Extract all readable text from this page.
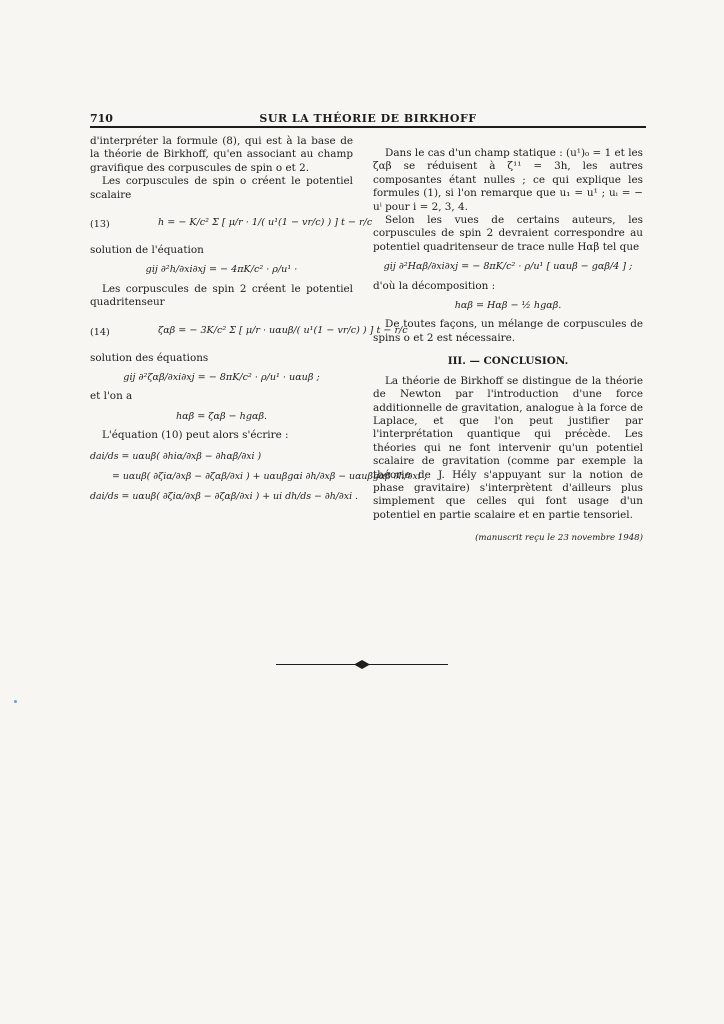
710	SUR LA THÉORIE DE BIRKHOFF

d'interpréter la formule (8), qui est à la base de la théorie de Birkhoff, qu'en associant au champ gravifique des corpuscules de spin o et 2.

Les corpuscules de spin o créent le potentiel scalaire

(13)	h = − K/c² Σ [ μ/r · 1/( u¹(1 − vr/c) ) ] t − r/c

solution de l'équation

gij ∂²h/∂xi∂xj = − 4πK/c² · ρ/u¹ ·

Les corpuscules de spin 2 créent le potentiel quadritenseur

(14)	ζαβ = − 3K/c² Σ [ μ/r · uαuβ/( u¹(1 − vr/c) ) ] t − r/c

solution des équations

gij ∂²ζαβ/∂xi∂xj = − 8πK/c² · ρ/u¹ · uαuβ ;

et l'on a

hαβ = ζαβ − hgαβ.

L'équation (10) peut alors s'écrire :

dai/ds = uαuβ( ∂hiα/∂xβ − ∂hαβ/∂xi )
= uαuβ( ∂ζiα/∂xβ − ∂ζαβ/∂xi ) + uαuβgαi ∂h/∂xβ − uαuβgαβ ∂h/∂xi ,
dai/ds = uαuβ( ∂ζiα/∂xβ − ∂ζαβ/∂xi ) + ui dh/ds − ∂h/∂xi .

Dans le cas d'un champ statique : (u¹)₀ = 1 et les ζαβ se réduisent à ζ¹¹ = 3h, les autres composantes étant nulles ; ce qui explique les formules (1), si l'on remarque que u₁ = u¹ ; uᵢ = − uⁱ pour i = 2, 3, 4.

Selon les vues de certains auteurs, les corpuscules de spin 2 devraient correspondre au potentiel quadritenseur de trace nulle Hαβ tel que

gij ∂²Hαβ/∂xi∂xj = − 8πK/c² · ρ/u¹ [ uαuβ − gαβ/4 ] ;

d'où la décomposition :

hαβ = Hαβ − ½ hgαβ.

De toutes façons, un mélange de corpuscules de spins o et 2 est nécessaire.

III. — CONCLUSION.

La théorie de Birkhoff se distingue de la théorie de Newton par l'introduction d'une force additionnelle de gravitation, analogue à la force de Laplace, et que l'on peut justifier par l'interprétation quantique qui précède. Les théories qui ne font intervenir qu'un potentiel scalaire de gravitation (comme par exemple la théorie de J. Hély s'appuyant sur la notion de phase gravitaire) s'interprètent d'ailleurs plus simplement que celles qui font usage d'un potentiel en partie scalaire et en partie tensoriel.

(manuscrit reçu le 23 novembre 1948)
